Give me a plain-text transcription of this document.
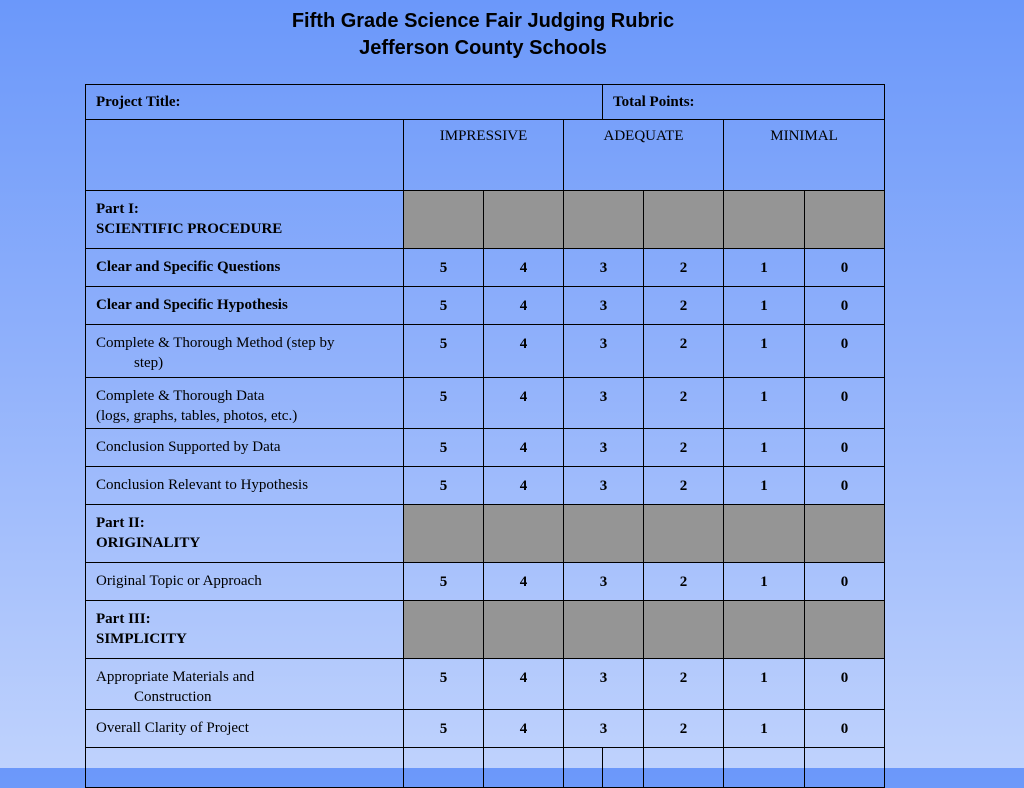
Fifth Grade Science Fair Judging Rubric
Jefferson County Schools
Project Title:				Total Points:			
	IMPRESSIVE		ADEQUATE			MINIMAL	
Part I:
SCIENTIFIC PROCEDURE							
Clear and Specific Questions	5	4	3		2	1	0
Clear and Specific Hypothesis	5	4	3		2	1	0
Complete & Thorough Method (step by
step)	5	4	3		2	1	0
Complete & Thorough Data
(logs, graphs, tables, photos, etc.)	5	4	3		2	1	0
Conclusion Supported by Data	5	4	3		2	1	0
Conclusion Relevant to Hypothesis	5	4	3		2	1	0
Part II:
ORIGINALITY							
Original Topic or Approach	5	4	3		2	1	0
Part III:
SIMPLICITY							
Appropriate Materials and
Construction	5	4	3		2	1	0
Overall Clarity of Project	5	4	3		2	1	0
